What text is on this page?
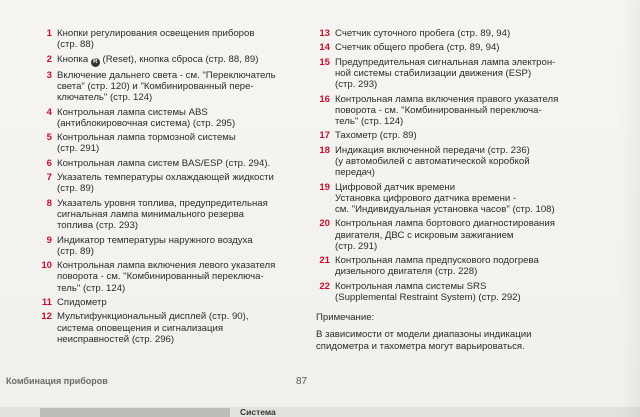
1 Кнопки регулирования освещения приборов
(стр. 88)
2 Кнопка R (Reset), кнопка сброса (стр. 88, 89)
3 Включение дальнего света - см. "Переключатель
света" (стр. 120) и "Комбинированный пере-
ключатель" (стр. 124)
4 Контрольная лампа системы ABS
(антиблокировочная система) (стр. 295)
5 Контрольная лампа тормозной системы
(стр. 291)
6 Контрольная лампа систем BAS/ESP (стр. 294).
7 Указатель температуры охлаждающей жидкости
(стр. 89)
8 Указатель уровня топлива, предупредительная
сигнальная лампа минимального резерва
топлива (стр. 293)
9 Индикатор температуры наружного воздуха
(стр. 89)
10 Контрольная лампа включения левого указателя
поворота - см. "Комбинированный переключа-
тель" (стр. 124)
11 Спидометр
12 Мультифункциональный дисплей (стр. 90),
система оповещения и сигнализация
неисправностей (стр. 296)
13 Счетчик суточного пробега (стр. 89, 94)
14 Счетчик общего пробега (стр. 89, 94)
15 Предупредительная сигнальная лампа электрон-
ной системы стабилизации движения (ESP)
(стр. 293)
16 Контрольная лампа включения правого указателя
поворота - см. "Комбинированный переключа-
тель" (стр. 124)
17 Тахометр (стр. 89)
18 Индикация включенной передачи (стр. 236)
(у автомобилей с автоматической коробкой
передач)
19 Цифровой датчик времени
Установка цифрового датчика времени -
см. "Индивидуальная установка часов" (стр. 108)
20 Контрольная лампа бортового диагностирования
двигателя, ДВС с искровым зажиганием
(стр. 291)
21 Контрольная лампа предпускового подогрева
дизельного двигателя (стр. 228)
22 Контрольная лампа системы SRS
(Supplemental Restraint System) (стр. 292)
Примечание:
В зависимости от модели диапазоны индикации
спидометра и тахометра могут варьироваться.
Комбинация приборов	87
Система
